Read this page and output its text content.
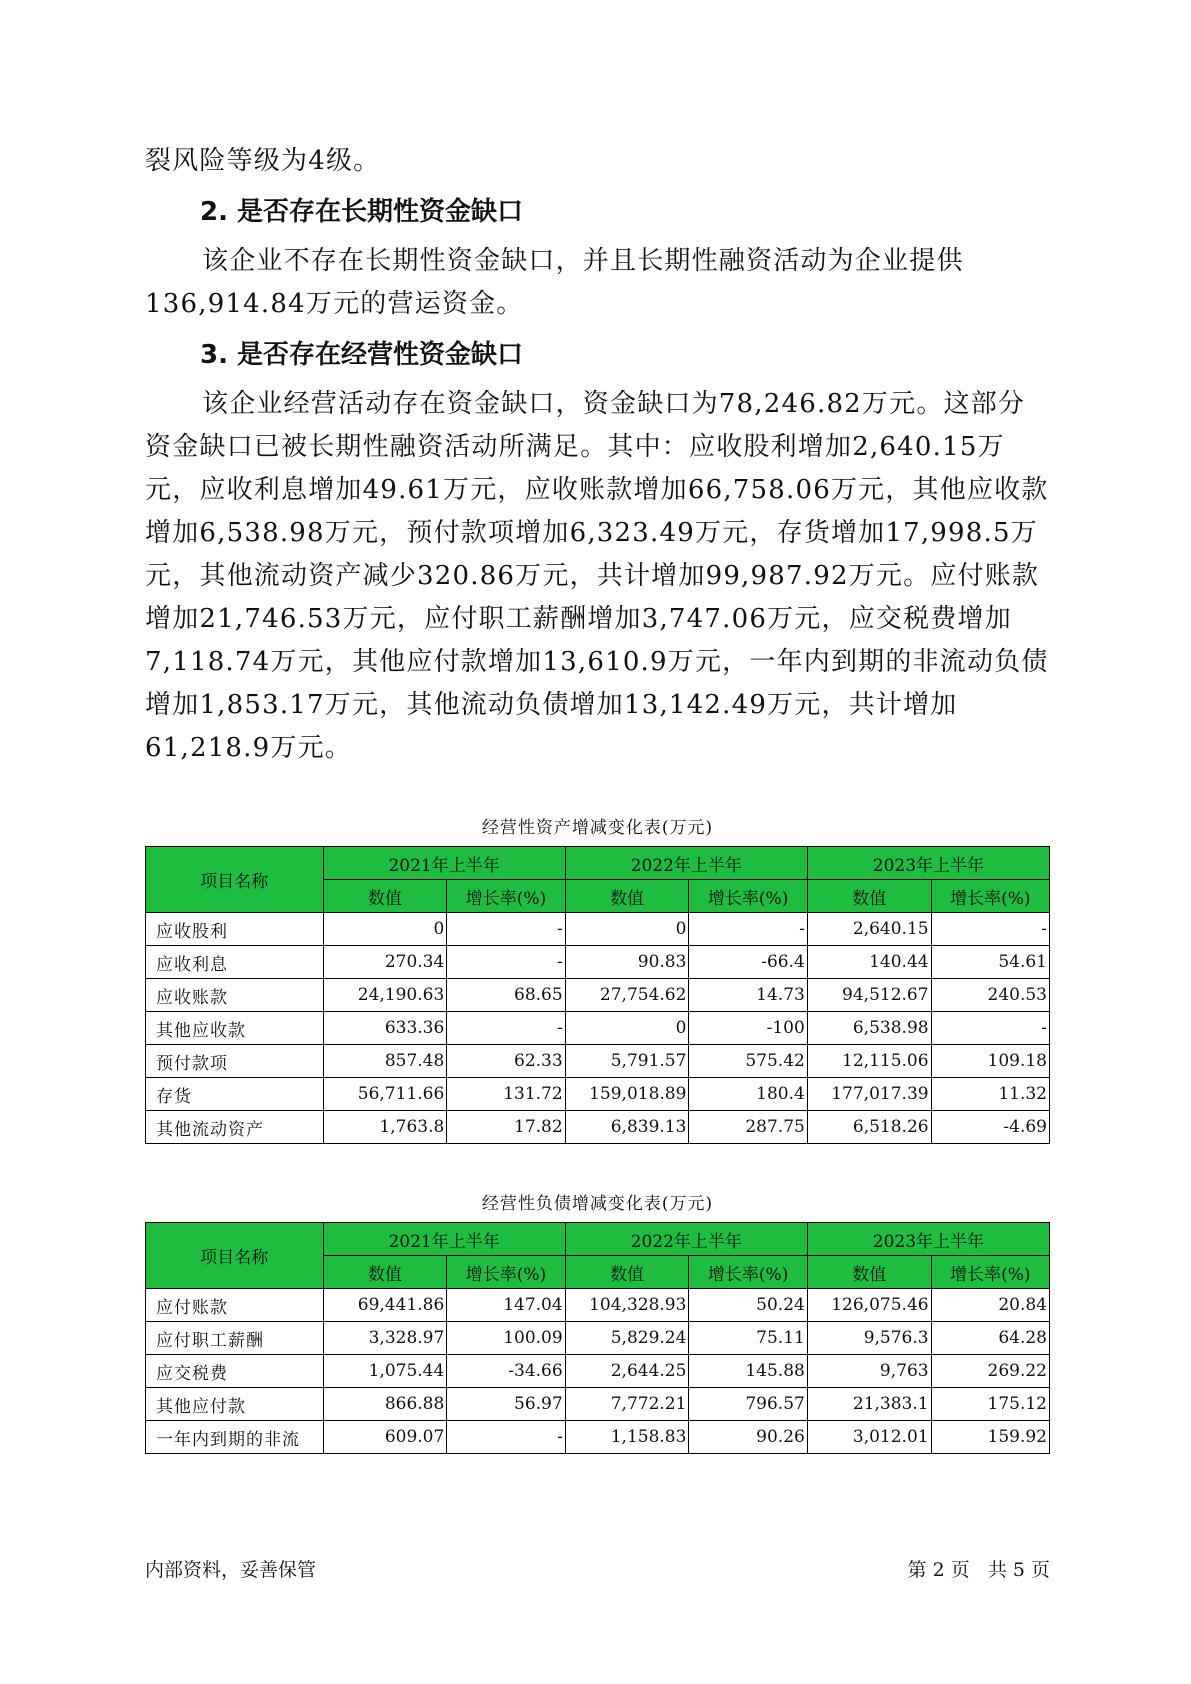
裂风险等级为4级。

2. 是否存在长期性资金缺口

该企业不存在长期性资金缺口，并且长期性融资活动为企业提供136,914.84万元的营运资金。

3. 是否存在经营性资金缺口

该企业经营活动存在资金缺口，资金缺口为78,246.82万元。这部分资金缺口已被长期性融资活动所满足。其中：应收股利增加2,640.15万元，应收利息增加49.61万元，应收账款增加66,758.06万元，其他应收款增加6,538.98万元，预付款项增加6,323.49万元，存货增加17,998.5万元，其他流动资产减少320.86万元，共计增加99,987.92万元。应付账款增加21,746.53万元，应付职工薪酬增加3,747.06万元，应交税费增加7,118.74万元，其他应付款增加13,610.9万元，一年内到期的非流动负债增加1,853.17万元，其他流动负债增加13,142.49万元，共计增加61,218.9万元。

经营性资产增减变化表(万元)

项目名称	2021年上半年		2022年上半年		2023年上半年	
	数值	增长率(%)	数值	增长率(%)	数值	增长率(%)
应收股利	0	-	0	-	2,640.15	-
应收利息	270.34	-	90.83	-66.4	140.44	54.61
应收账款	24,190.63	68.65	27,754.62	14.73	94,512.67	240.53
其他应收款	633.36	-	0	-100	6,538.98	-
预付款项	857.48	62.33	5,791.57	575.42	12,115.06	109.18
存货	56,711.66	131.72	159,018.89	180.4	177,017.39	11.32
其他流动资产	1,763.8	17.82	6,839.13	287.75	6,518.26	-4.69

经营性负债增减变化表(万元)

项目名称	2021年上半年		2022年上半年		2023年上半年	
	数值	增长率(%)	数值	增长率(%)	数值	增长率(%)
应付账款	69,441.86	147.04	104,328.93	50.24	126,075.46	20.84
应付职工薪酬	3,328.97	100.09	5,829.24	75.11	9,576.3	64.28
应交税费	1,075.44	-34.66	2,644.25	145.88	9,763	269.22
其他应付款	866.88	56.97	7,772.21	796.57	21,383.1	175.12
一年内到期的非流	609.07	-	1,158.83	90.26	3,012.01	159.92
内部资料，妥善保管	第 2 页   共 5 页
